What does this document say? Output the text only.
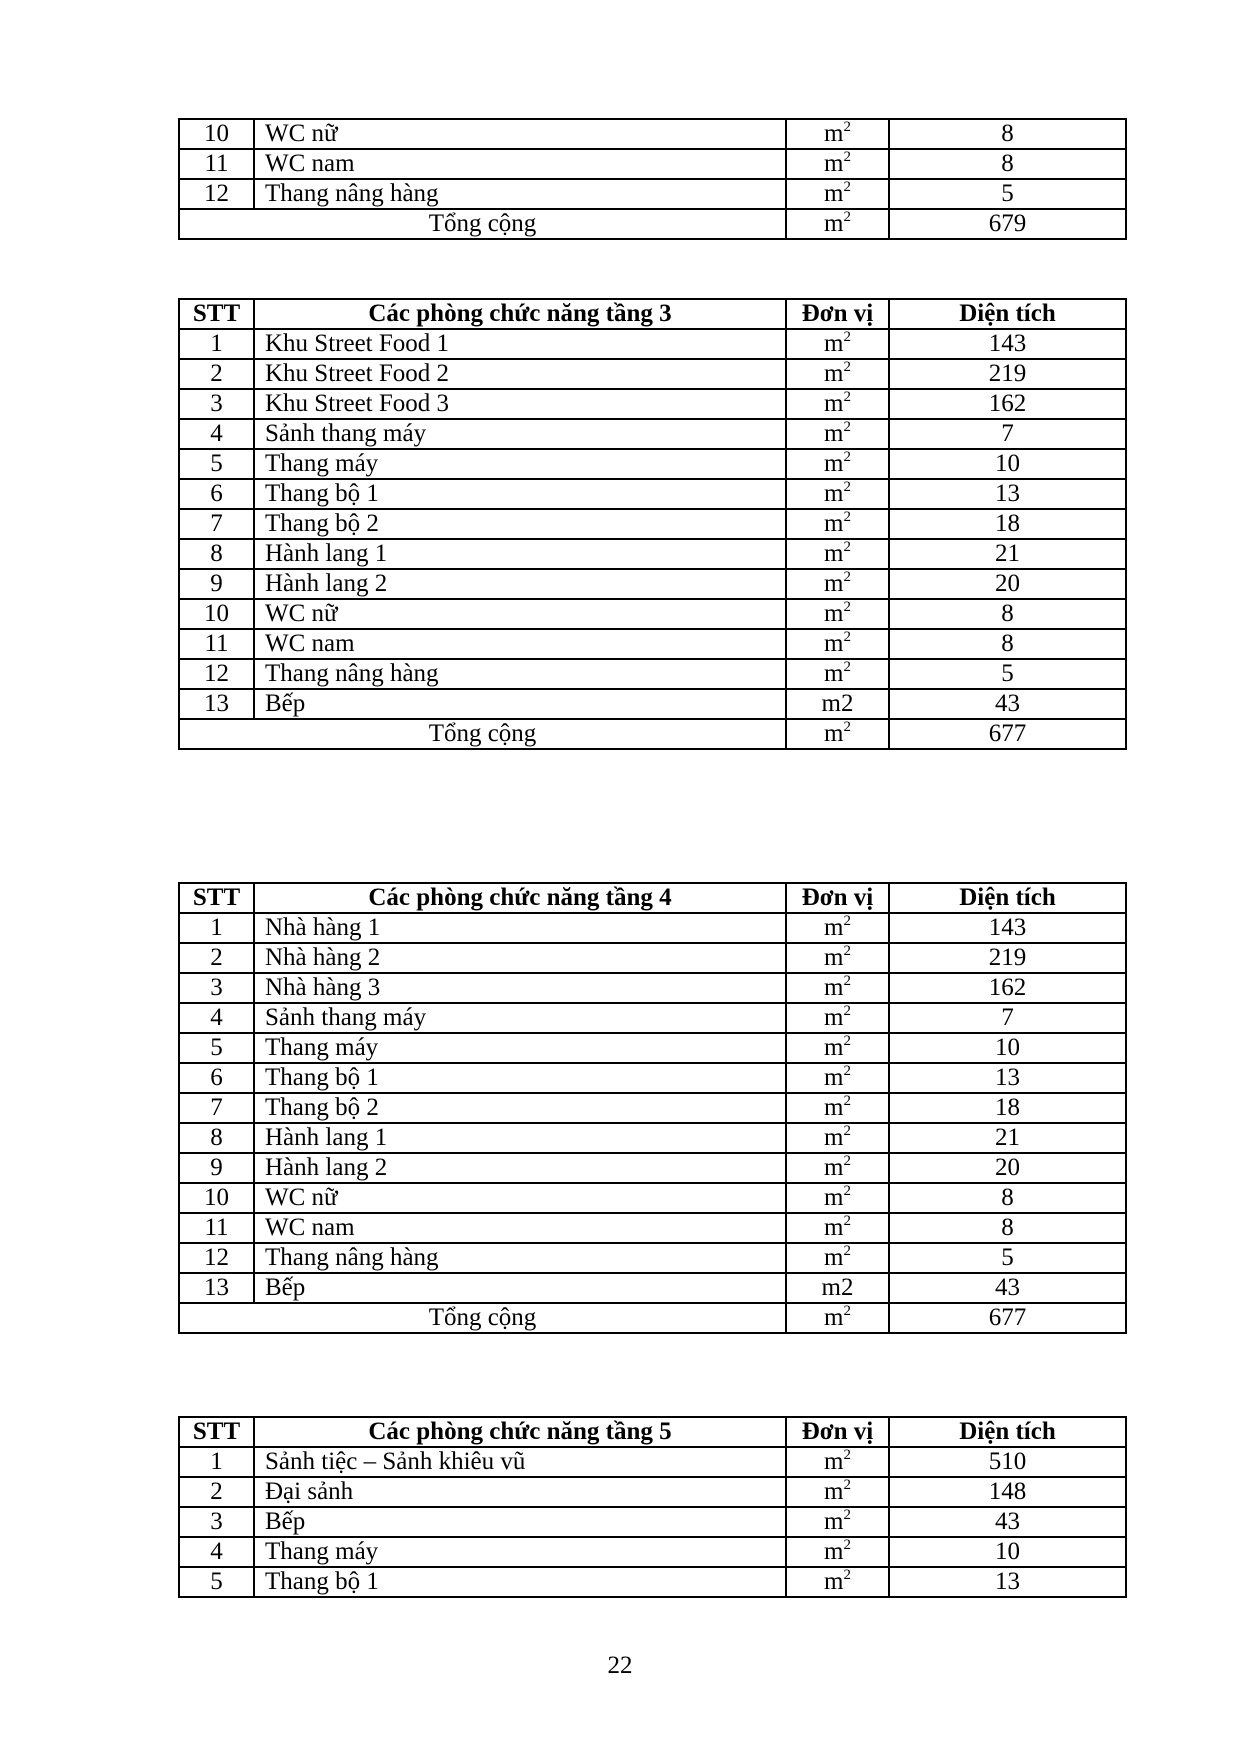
10	WC nữ	$m^2$	8
11	WC nam	$m^2$	8
12	Thang nâng hàng	$m^2$	5
Tổng cộng		$m^2$	679
STT	Các phòng chức năng tầng 3	Đơn vị	Diện tích
1	Khu Street Food 1	$m^2$	143
2	Khu Street Food 2	$m^2$	219
3	Khu Street Food 3	$m^2$	162
4	Sảnh thang máy	$m^2$	7
5	Thang máy	$m^2$	10
6	Thang bộ 1	$m^2$	13
7	Thang bộ 2	$m^2$	18
8	Hành lang 1	$m^2$	21
9	Hành lang 2	$m^2$	20
10	WC nữ	$m^2$	8
11	WC nam	$m^2$	8
12	Thang nâng hàng	$m^2$	5
13	Bếp	m2	43
Tổng cộng		$m^2$	677
STT	Các phòng chức năng tầng 4	Đơn vị	Diện tích
1	Nhà hàng 1	$m^2$	143
2	Nhà hàng 2	$m^2$	219
3	Nhà hàng 3	$m^2$	162
4	Sảnh thang máy	$m^2$	7
5	Thang máy	$m^2$	10
6	Thang bộ 1	$m^2$	13
7	Thang bộ 2	$m^2$	18
8	Hành lang 1	$m^2$	21
9	Hành lang 2	$m^2$	20
10	WC nữ	$m^2$	8
11	WC nam	$m^2$	8
12	Thang nâng hàng	$m^2$	5
13	Bếp	m2	43
Tổng cộng		$m^2$	677
STT	Các phòng chức năng tầng 5	Đơn vị	Diện tích
1	Sảnh tiệc – Sảnh khiêu vũ	$m^2$	510
2	Đại sảnh	$m^2$	148
3	Bếp	$m^2$	43
4	Thang máy	$m^2$	10
5	Thang bộ 1	$m^2$	13
22
